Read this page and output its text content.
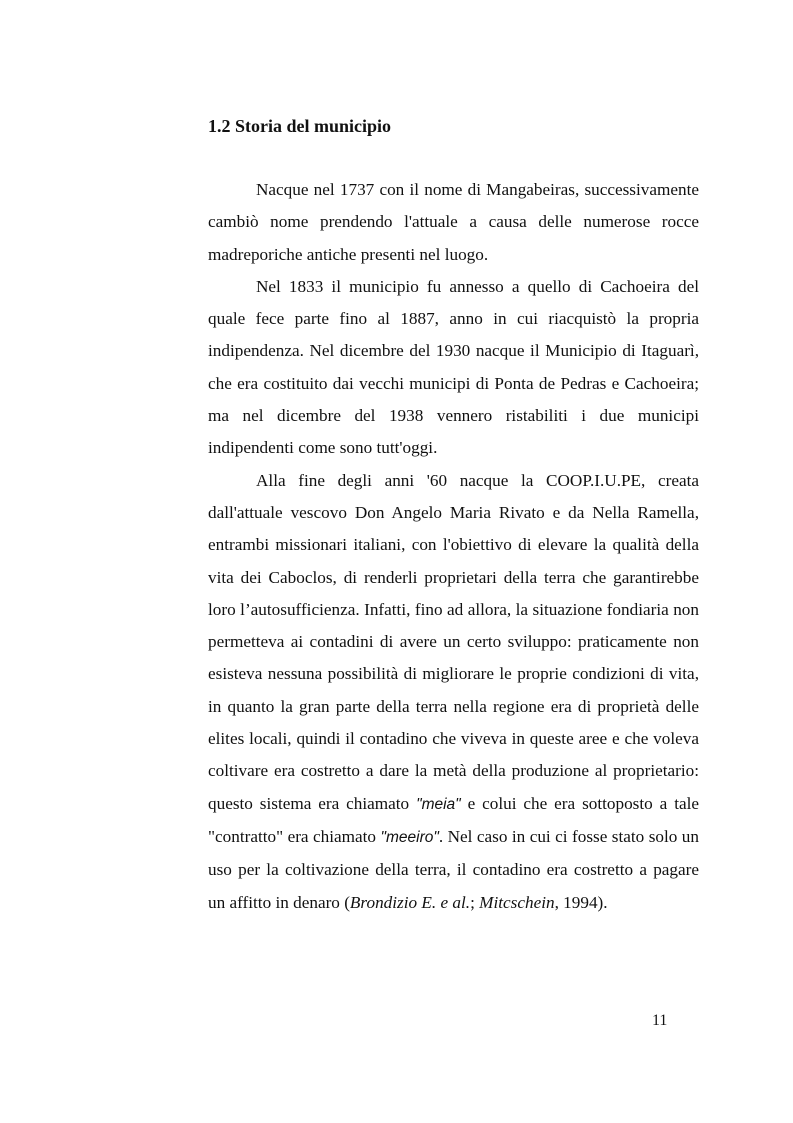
1.2 Storia del municipio

Nacque nel 1737 con il nome di Mangabeiras, successivamente cambiò nome prendendo l'attuale a causa delle numerose rocce madreporiche antiche presenti nel luogo.

Nel 1833 il municipio fu annesso a quello di Cachoeira del quale fece parte fino al 1887, anno in cui riacquistò la propria indipendenza. Nel dicembre del 1930 nacque il Municipio di Itaguarì, che era costituito dai vecchi municipi di Ponta de Pedras e Cachoeira; ma nel dicembre del 1938 vennero ristabiliti i due municipi indipendenti come sono tutt'oggi.

Alla fine degli anni '60 nacque la COOP.I.U.PE, creata dall'attuale vescovo Don Angelo Maria Rivato e da Nella Ramella, entrambi missionari italiani, con l'obiettivo di elevare la qualità della vita dei Caboclos, di renderli proprietari della terra che garantirebbe loro l’autosufficienza. Infatti, fino ad allora, la situazione fondiaria non permetteva ai contadini di avere un certo sviluppo: praticamente non esisteva nessuna possibilità di migliorare le proprie condizioni di vita, in quanto la gran parte della terra nella regione era di proprietà delle elites locali, quindi il contadino che viveva in queste aree e che voleva coltivare era costretto a dare la metà della produzione al proprietario: questo sistema era chiamato "meia" e colui che era sottoposto a tale "contratto" era chiamato "meeiro". Nel caso in cui ci fosse stato solo un uso per la coltivazione della terra, il contadino era costretto a pagare un affitto in denaro (Brondizio E. e al.; Mitcschein, 1994).

11
